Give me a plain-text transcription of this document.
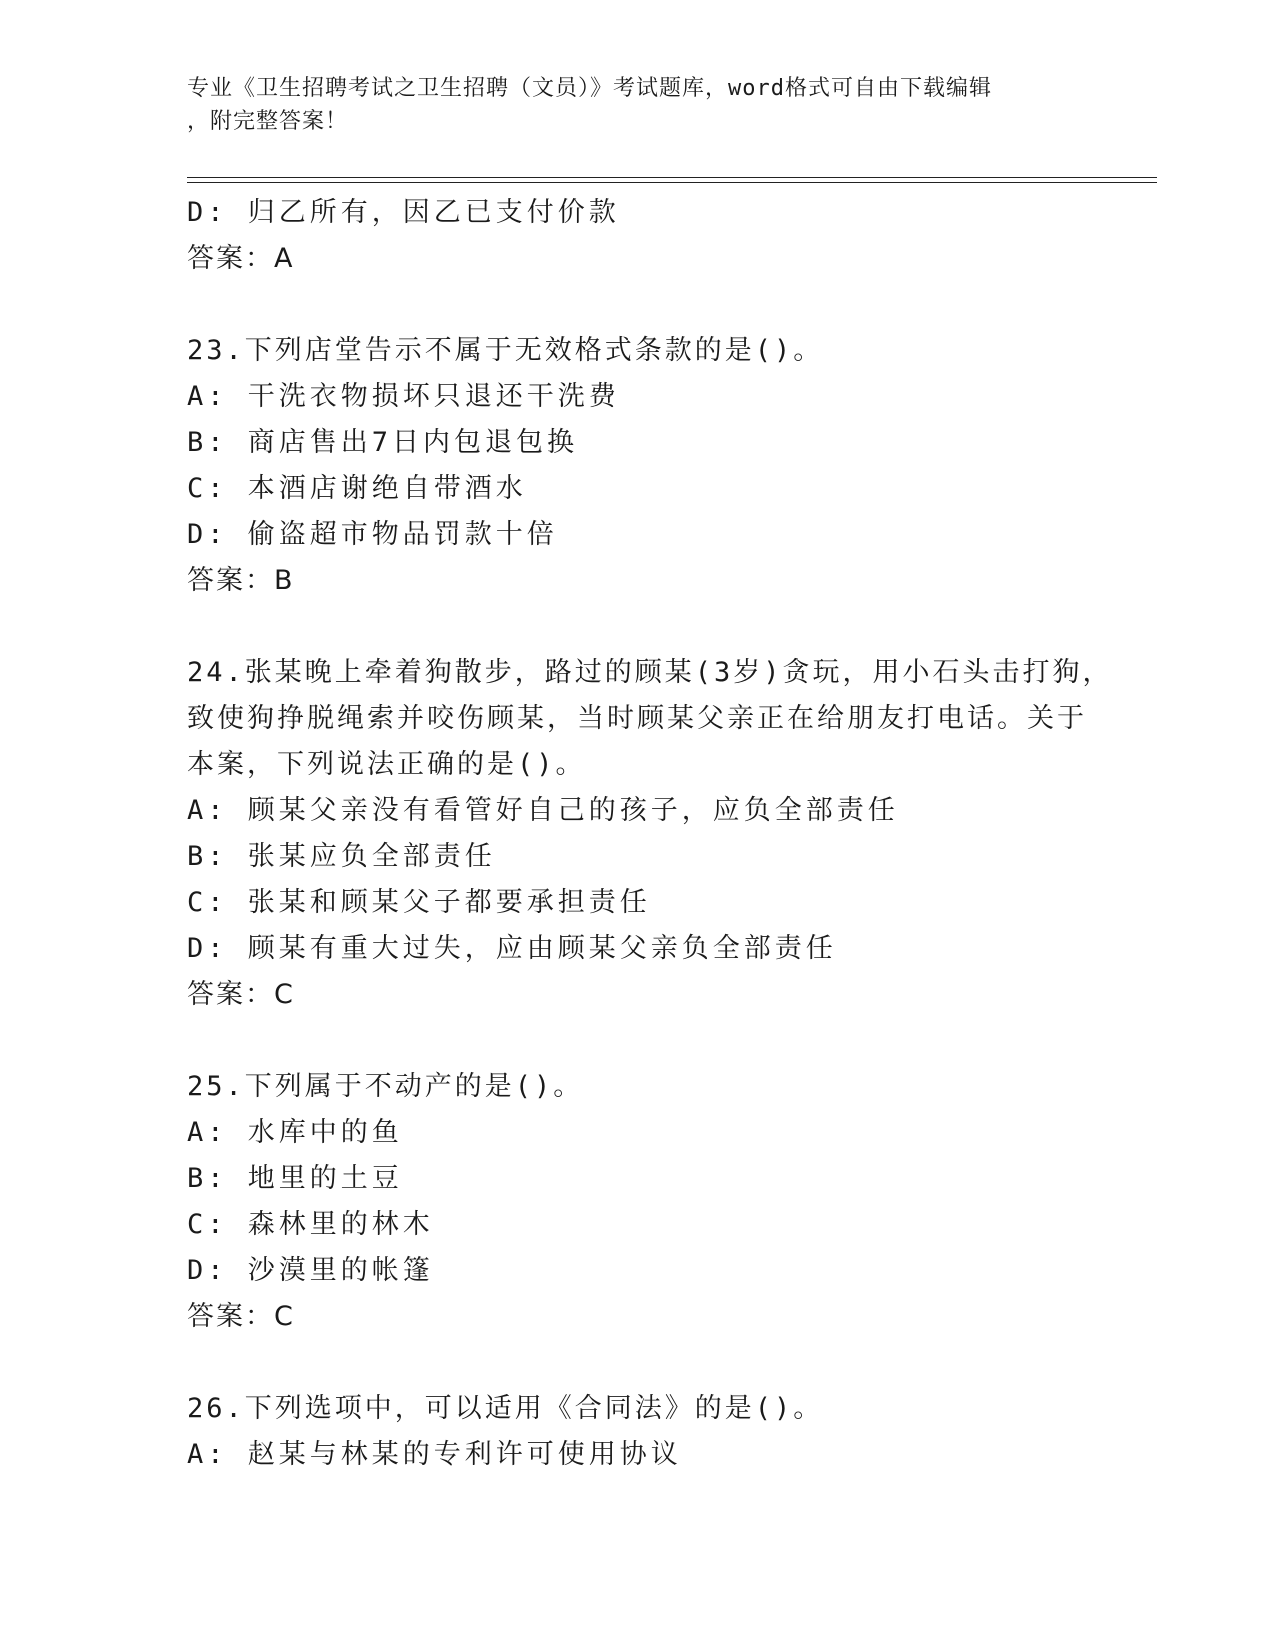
专业《卫生招聘考试之卫生招聘（文员）》考试题库，word格式可自由下载编辑
，附完整答案！
D: 归乙所有，因乙已支付价款
答案：A
23.下列店堂告示不属于无效格式条款的是()。
A: 干洗衣物损坏只退还干洗费
B: 商店售出7日内包退包换
C: 本酒店谢绝自带酒水
D: 偷盗超市物品罚款十倍
答案：B
24.张某晚上牵着狗散步，路过的顾某(3岁)贪玩，用小石头击打狗，
致使狗挣脱绳索并咬伤顾某，当时顾某父亲正在给朋友打电话。关于
本案，下列说法正确的是()。
A: 顾某父亲没有看管好自己的孩子，应负全部责任
B: 张某应负全部责任
C: 张某和顾某父子都要承担责任
D: 顾某有重大过失，应由顾某父亲负全部责任
答案：C
25.下列属于不动产的是()。
A: 水库中的鱼
B: 地里的土豆
C: 森林里的林木
D: 沙漠里的帐篷
答案：C
26.下列选项中，可以适用《合同法》的是()。
A: 赵某与林某的专利许可使用协议
